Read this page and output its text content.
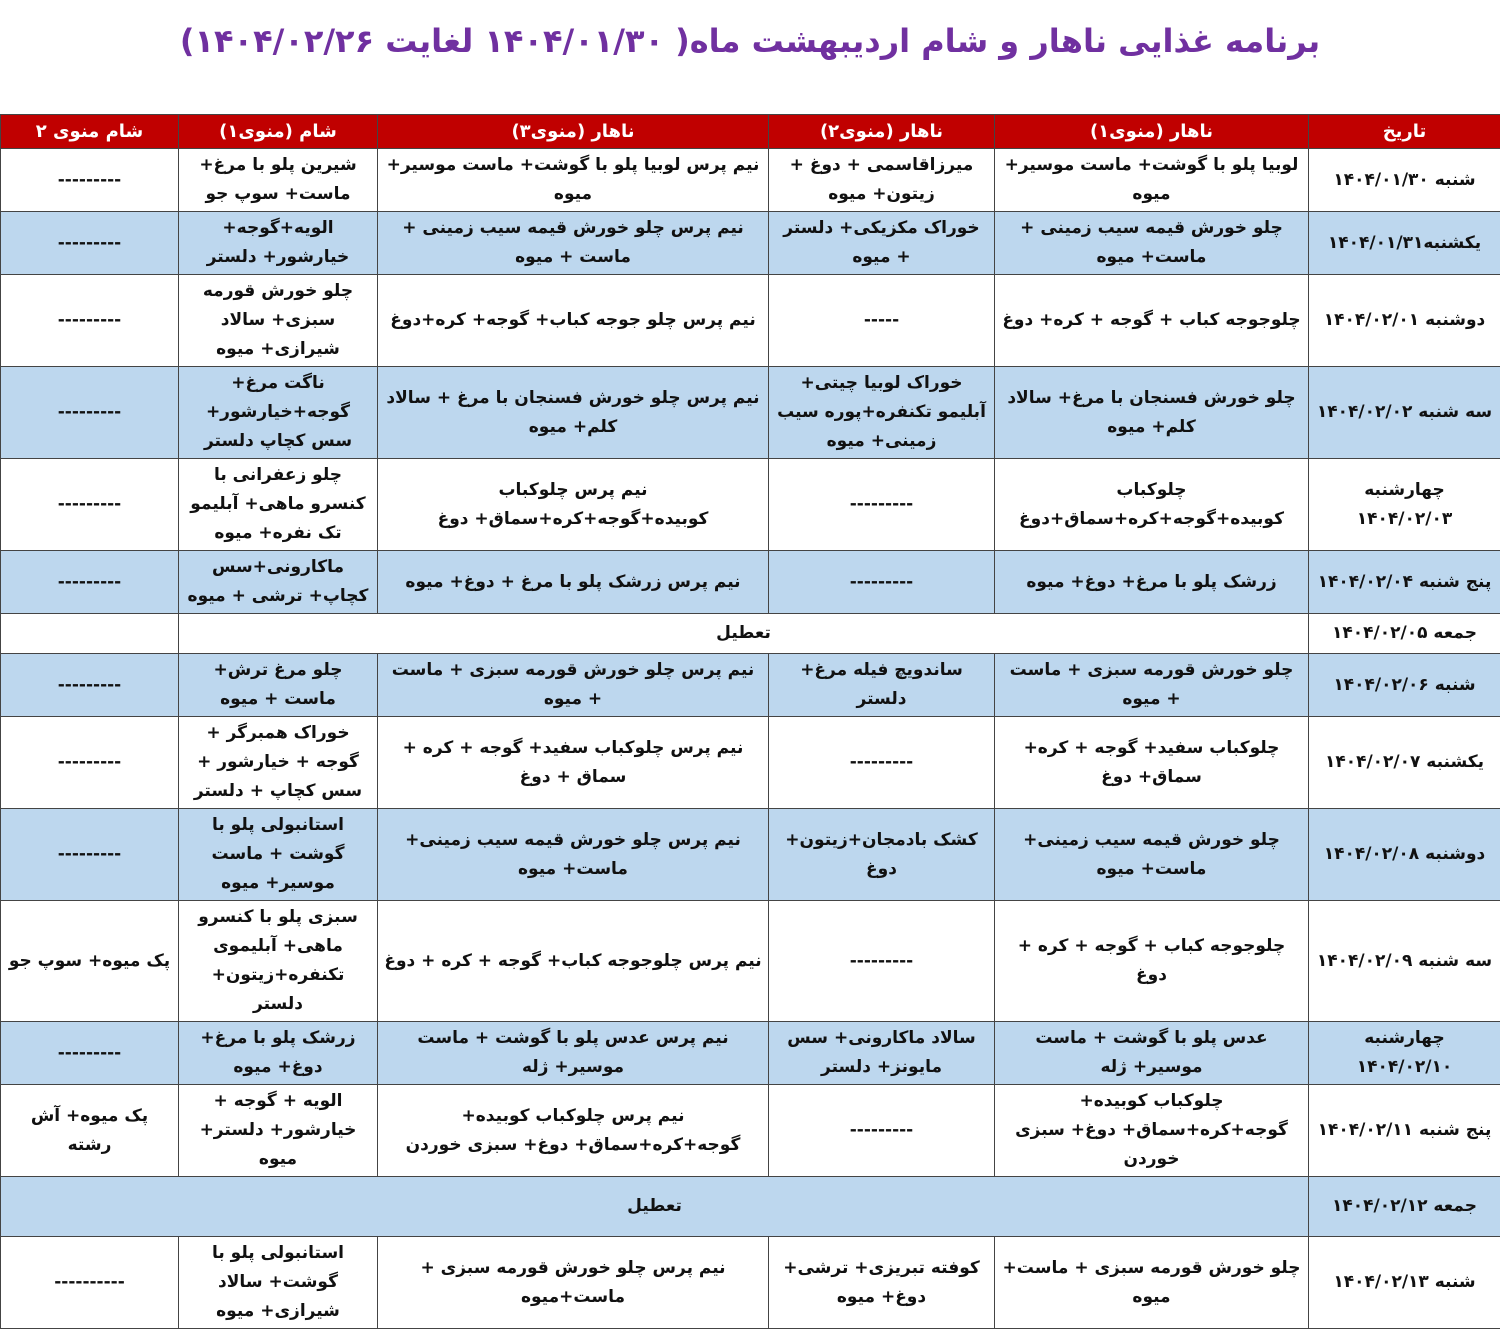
برنامه غذایی ناهار و شام اردیبهشت ماه( ۱۴۰۴/۰۱/۳۰ لغایت ۱۴۰۴/۰۲/۲۶)
تاریخ	ناهار (منوی۱)	ناهار (منوی۲)	ناهار (منوی۳)	شام (منوی۱)	شام منوی ۲
شنبه ۱۴۰۴/۰۱/۳۰	لوبیا پلو با گوشت+ ماست موسیر+ میوه	میرزاقاسمی + دوغ + زیتون+ میوه	نیم پرس لوبیا پلو با گوشت+ ماست موسیر+ میوه	شیرین پلو با مرغ+ ماست+ سوپ جو	---------
یکشنبه۱۴۰۴/۰۱/۳۱	چلو خورش قیمه سیب زمینی + ماست+ میوه	خوراک مکزیکی+ دلستر + میوه	نیم پرس چلو خورش قیمه سیب زمینی + ماست + میوه	الویه+گوجه+ خیارشور+ دلستر	---------
دوشنبه ۱۴۰۴/۰۲/۰۱	چلوجوجه کباب + گوجه + کره+ دوغ	-----	نیم پرس چلو جوجه کباب+ گوجه+ کره+دوغ	چلو خورش قورمه سبزی+ سالاد شیرازی+ میوه	---------
سه شنبه ۱۴۰۴/۰۲/۰۲	چلو خورش فسنجان با مرغ+ سالاد کلم+ میوه	خوراک لوبیا چیتی+ آبلیمو تکنفره+پوره سیب زمینی+ میوه	نیم پرس چلو خورش فسنجان با مرغ + سالاد کلم+ میوه	ناگت مرغ+ گوجه+خیارشور+ سس کچاپ دلستر	---------
چهارشنبه ۱۴۰۴/۰۲/۰۳	چلوکباب کوبیده+گوجه+کره+سماق+دوغ	---------	نیم پرس چلوکباب کوبیده+گوجه+کره+سماق+ دوغ	چلو زعفرانی با کنسرو ماهی+ آبلیمو تک نفره+ میوه	---------
پنج شنبه ۱۴۰۴/۰۲/۰۴	زرشک پلو با مرغ+ دوغ+ میوه	---------	نیم پرس زرشک پلو با مرغ + دوغ+ میوه	ماکارونی+سس کچاپ+ ترشی + میوه	---------
جمعه ۱۴۰۴/۰۲/۰۵	تعطیل				
شنبه ۱۴۰۴/۰۲/۰۶	چلو خورش قورمه سبزی + ماست + میوه	ساندویچ فیله مرغ+ دلستر	نیم پرس چلو خورش قورمه سبزی + ماست + میوه	چلو مرغ ترش+ ماست + میوه	---------
یکشنبه ۱۴۰۴/۰۲/۰۷	چلوکباب سفید+ گوجه + کره+ سماق+ دوغ	---------	نیم پرس چلوکباب سفید+ گوجه + کره + سماق + دوغ	خوراک همبرگر + گوجه + خیارشور + سس کچاپ + دلستر	---------
دوشنبه ۱۴۰۴/۰۲/۰۸	چلو خورش قیمه سیب زمینی+ ماست+ میوه	کشک بادمجان+زیتون+ دوغ	نیم پرس چلو خورش قیمه سیب زمینی+ ماست+ میوه	استانبولی پلو با گوشت + ماست موسیر+ میوه	---------
سه شنبه ۱۴۰۴/۰۲/۰۹	چلوجوجه کباب + گوجه + کره + دوغ	---------	نیم پرس چلوجوجه کباب+ گوجه + کره + دوغ	سبزی پلو با کنسرو ماهی+ آبلیموی تکنفره+زیتون+ دلستر	پک میوه+ سوپ جو
چهارشنبه ۱۴۰۴/۰۲/۱۰	عدس پلو با گوشت + ماست موسیر+ ژله	سالاد ماکارونی+ سس مایونز+ دلستر	نیم پرس عدس پلو با گوشت + ماست موسیر+ ژله	زرشک پلو با مرغ+ دوغ+ میوه	---------
پنج شنبه ۱۴۰۴/۰۲/۱۱	چلوکباب کوبیده+ گوجه+کره+سماق+ دوغ+ سبزی خوردن	---------	نیم پرس چلوکباب کوبیده+ گوجه+کره+سماق+ دوغ+ سبزی خوردن	الویه + گوجه + خیارشور+ دلستر+ میوه	پک میوه+ آش رشته
جمعه ۱۴۰۴/۰۲/۱۲	تعطیل				
شنبه ۱۴۰۴/۰۲/۱۳	چلو خورش قورمه سبزی + ماست+ میوه	کوفته تبریزی+ ترشی+ دوغ+ میوه	نیم پرس چلو خورش قورمه سبزی + ماست+میوه	استانبولی پلو با گوشت+ سالاد شیرازی+ میوه	----------
